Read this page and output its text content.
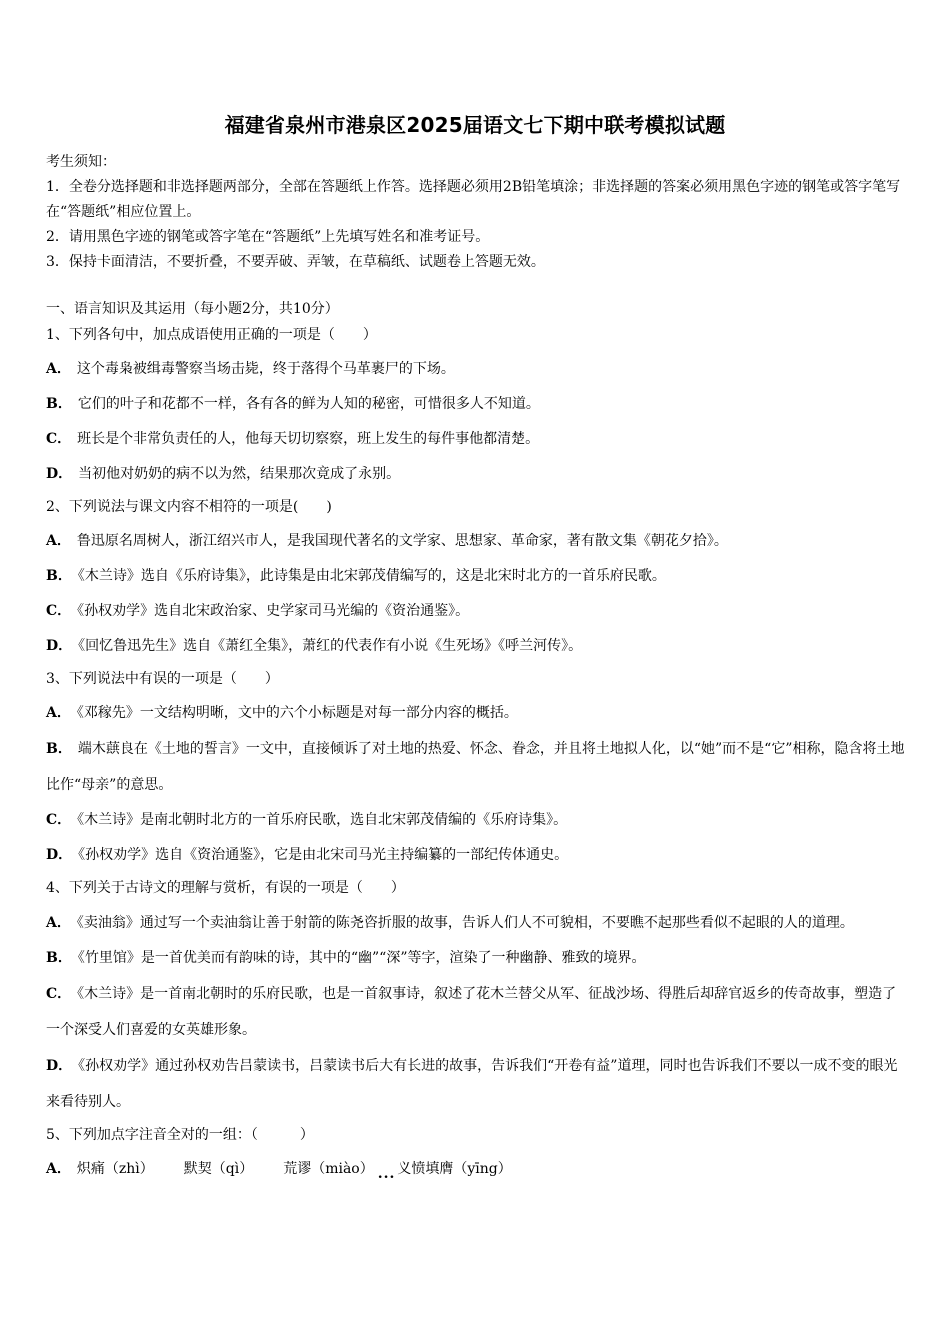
福建省泉州市港泉区2025届语文七下期中联考模拟试题

考生须知：

1．全卷分选择题和非选择题两部分，全部在答题纸上作答。选择题必须用2B铅笔填涂；非选择题的答案必须用黑色字迹的钢笔或答字笔写在“答题纸”相应位置上。

2．请用黑色字迹的钢笔或答字笔在“答题纸”上先填写姓名和准考证号。

3．保持卡面清洁，不要折叠，不要弄破、弄皱，在草稿纸、试题卷上答题无效。

一、语言知识及其运用（每小题2分，共10分）

1、下列各句中，加点成语使用正确的一项是（　　）

A． 这个毒枭被缉毒警察当场击毙，终于落得个马革裹尸的下场。

B． 它们的叶子和花都不一样，各有各的鲜为人知的秘密，可惜很多人不知道。

C． 班长是个非常负责任的人，他每天切切察察，班上发生的每件事他都清楚。

D． 当初他对奶奶的病不以为然，结果那次竟成了永别。

2、下列说法与课文内容不相符的一项是(　　)

A． 鲁迅原名周树人，浙江绍兴市人，是我国现代著名的文学家、思想家、革命家，著有散文集《朝花夕拾》。

B． 《木兰诗》选自《乐府诗集》，此诗集是由北宋郭茂倩编写的，这是北宋时北方的一首乐府民歌。

C． 《孙权劝学》选自北宋政治家、史学家司马光编的《资治通鉴》。

D． 《回忆鲁迅先生》选自《萧红全集》，萧红的代表作有小说《生死场》《呼兰河传》。

3、下列说法中有误的一项是（　　）

A． 《邓稼先》一文结构明晰，文中的六个小标题是对每一部分内容的概括。

B． 端木蕻良在《土地的誓言》一文中，直接倾诉了对土地的热爱、怀念、眷念，并且将土地拟人化，以“她”而不是“它”相称，隐含将土地比作“母亲”的意思。

C． 《木兰诗》是南北朝时北方的一首乐府民歌，选自北宋郭茂倩编的《乐府诗集》。

D． 《孙权劝学》选自《资治通鉴》，它是由北宋司马光主持编纂的一部纪传体通史。

4、下列关于古诗文的理解与赏析，有误的一项是（　　）

A． 《卖油翁》通过写一个卖油翁让善于射箭的陈尧咨折服的故事，告诉人们人不可貌相，不要瞧不起那些看似不起眼的人的道理。

B． 《竹里馆》是一首优美而有韵味的诗，其中的“幽”“深”等字，渲染了一种幽静、雅致的境界。

C． 《木兰诗》是一首南北朝时的乐府民歌，也是一首叙事诗，叙述了花木兰替父从军、征战沙场、得胜后却辞官返乡的传奇故事，塑造了一个深受人们喜爱的女英雄形象。

D． 《孙权劝学》通过孙权劝告吕蒙读书，吕蒙读书后大有长进的故事，告诉我们“开卷有益”道理，同时也告诉我们不要以一成不变的眼光来看待别人。

5、下列加点字注音全对的一组：（　　　）

A． 炽痛（zhì） 默契（qì） 荒谬（miào） ... 义愤填膺（yīng）
